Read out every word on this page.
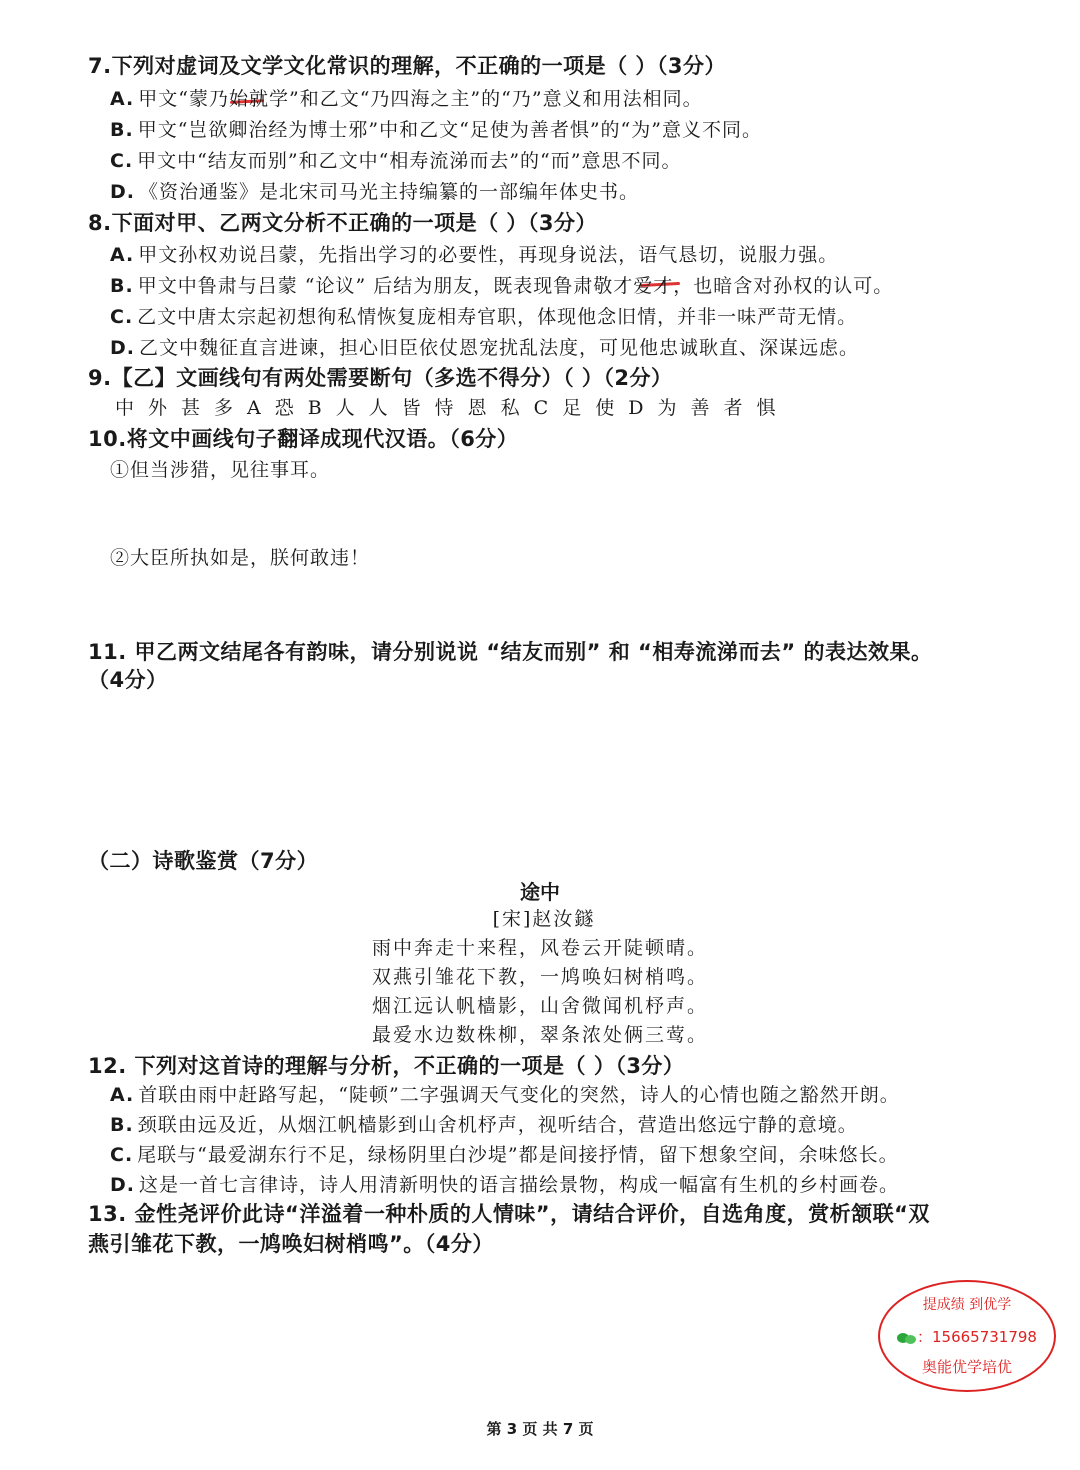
7.下列对虚词及文学文化常识的理解，不正确的一项是（ ）（3分）
A. 甲文“蒙乃始就学”和乙文“乃四海之主”的“乃”意义和用法相同。
B. 甲文“岂欲卿治经为博士邪”中和乙文“足使为善者惧”的“为”意义不同。
C. 甲文中“结友而别”和乙文中“相寿流涕而去”的“而”意思不同。
D. 《资治通鉴》是北宋司马光主持编纂的一部编年体史书。
8.下面对甲、乙两文分析不正确的一项是（ ）（3分）
A. 甲文孙权劝说吕蒙，先指出学习的必要性，再现身说法，语气恳切，说服力强。
B. 甲文中鲁肃与吕蒙 “论议” 后结为朋友，既表现鲁肃敬才爱才，也暗含对孙权的认可。
C. 乙文中唐太宗起初想徇私情恢复庞相寿官职，体现他念旧情，并非一味严苛无情。
D. 乙文中魏征直言进谏，担心旧臣依仗恩宠扰乱法度，可见他忠诚耿直、深谋远虑。
9.【乙】文画线句有两处需要断句（多选不得分）（ ）（2分）
中外甚多A恐B人人皆恃恩私C足使D为善者惧
10.将文中画线句子翻译成现代汉语。（6分）
①但当涉猎，见往事耳。
②大臣所执如是，朕何敢违！
11. 甲乙两文结尾各有韵味，请分别说说 “结友而别” 和 “相寿流涕而去” 的表达效果。
（4分）
（二）诗歌鉴赏（7分）
途中
[宋]赵汝鐩
雨中奔走十来程，风卷云开陡顿晴。
双燕引雏花下教，一鸠唤妇树梢鸣。
烟江远认帆樯影，山舍微闻机杼声。
最爱水边数株柳，翠条浓处俩三莺。
12. 下列对这首诗的理解与分析，不正确的一项是（ ）（3分）
A. 首联由雨中赶路写起，“陡顿”二字强调天气变化的突然，诗人的心情也随之豁然开朗。
B. 颈联由远及近，从烟江帆樯影到山舍机杼声，视听结合，营造出悠远宁静的意境。
C. 尾联与“最爱湖东行不足，绿杨阴里白沙堤”都是间接抒情，留下想象空间，余味悠长。
D. 这是一首七言律诗，诗人用清新明快的语言描绘景物，构成一幅富有生机的乡村画卷。
13. 金性尧评价此诗“洋溢着一种朴质的人情味”，请结合评价，自选角度，赏析颔联“双
燕引雏花下教，一鸠唤妇树梢鸣”。（4分）
提成绩 到优学
：15665731798
奥能优学培优
第 3 页 共 7 页
